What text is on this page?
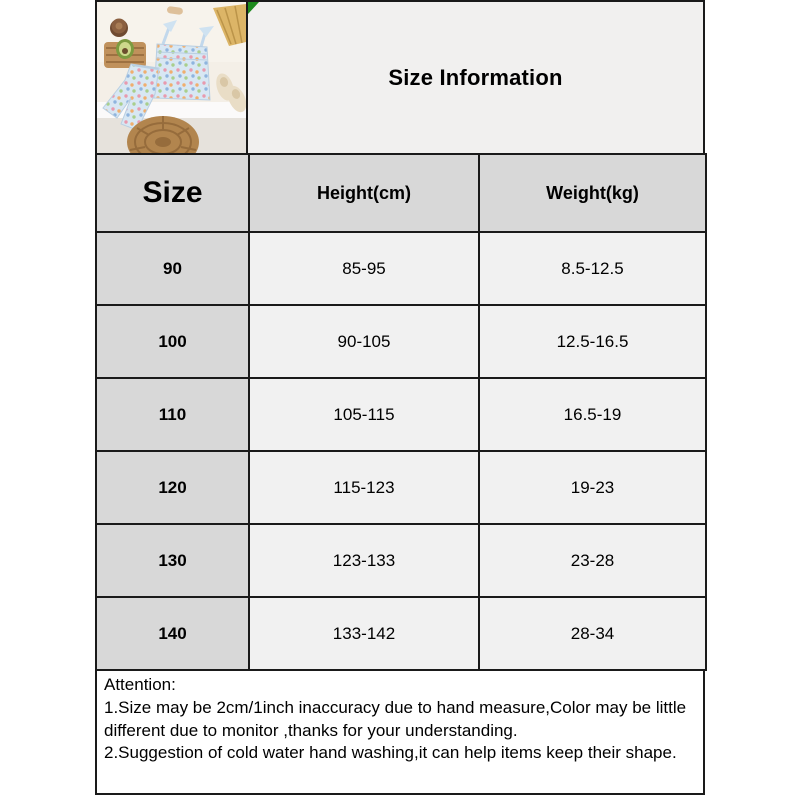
Size Information
Size	Height(cm)	Weight(kg)
90	85-95	8.5-12.5
100	90-105	12.5-16.5
110	105-115	16.5-19
120	115-123	19-23
130	123-133	23-28
140	133-142	28-34

Attention:

1.Size may be 2cm/1inch inaccuracy due to hand measure,Color may be little different due to monitor ,thanks for your understanding.

2.Suggestion of cold water hand washing,it can help items keep their shape.
